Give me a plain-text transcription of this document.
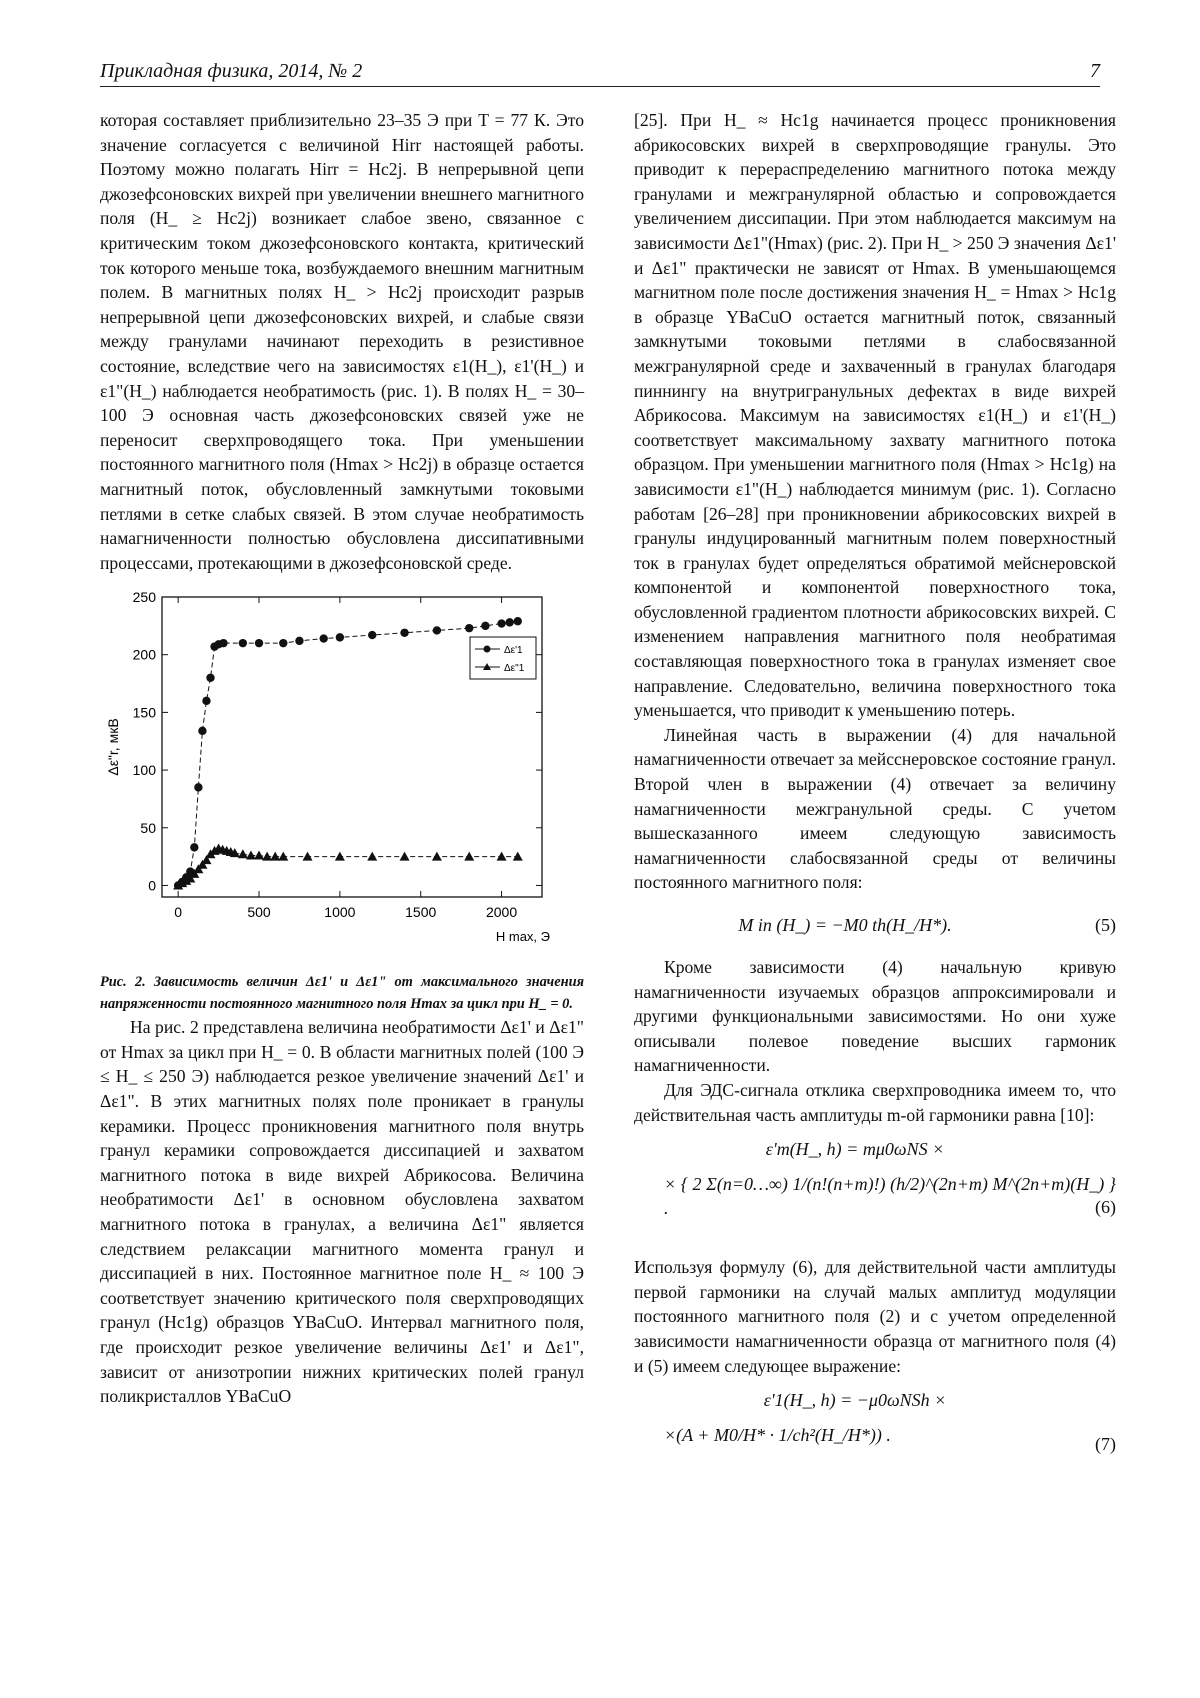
Прикладная физика, 2014, № 2	7

которая составляет приблизительно 23–35 Э при T = 77 К. Это значение согласуется с величиной Hirr настоящей работы. Поэтому можно полагать Hirr = Hc2j. В непрерывной цепи джозефсоновских вихрей при увеличении внешнего магнитного поля (H_ ≥ Hc2j) возникает слабое звено, связанное с критическим током джозефсоновского контакта, критический ток которого меньше тока, возбуждаемого внешним магнитным полем. В магнитных полях H_ > Hc2j происходит разрыв непрерывной цепи джозефсоновских вихрей, и слабые связи между гранулами начинают переходить в резистивное состояние, вследствие чего на зависимостях ε1(H_), ε1'(H_) и ε1"(H_) наблюдается необратимость (рис. 1). В полях H_ = 30–100 Э основная часть джозефсоновских связей уже не переносит сверхпроводящего тока. При уменьшении постоянного магнитного поля (Hmax > Hc2j) в образце остается магнитный поток, обусловленный замкнутыми токовыми петлями в сетке слабых связей. В этом случае необратимость намагниченности полностью обусловлена диссипативными процессами, протекающими в джозефсоновской среде.

0	500	1000	1500	2000
0
50
100
150
200
250
H max, Э
Δε"r, мкВ
Δε'1
Δε"1

Рис. 2. Зависимость величин Δε1' и Δε1" от максимального значения напряженности постоянного магнитного поля Hmax за цикл при H_ = 0.

На рис. 2 представлена величина необратимости Δε1' и Δε1" от Hmax за цикл при H_ = 0. В области магнитных полей (100 Э ≤ H_ ≤ 250 Э) наблюдается резкое увеличение значений Δε1' и Δε1". В этих магнитных полях поле проникает в гранулы керамики. Процесс проникновения магнитного поля внутрь гранул керамики сопровождается диссипацией и захватом магнитного потока в виде вихрей Абрикосова. Величина необратимости Δε1' в основном обусловлена захватом магнитного потока в гранулах, а величина Δε1" является следствием релаксации магнитного момента гранул и диссипацией в них. Постоянное магнитное поле H_ ≈ 100 Э соответствует значению критического поля сверхпроводящих гранул (Hc1g) образцов YBaCuO. Интервал магнитного поля, где происходит резкое увеличение величины Δε1' и Δε1", зависит от анизотропии нижних критических полей гранул поликристаллов YBaCuO

[25]. При H_ ≈ Hc1g начинается процесс проникновения абрикосовских вихрей в сверхпроводящие гранулы. Это приводит к перераспределению магнитного потока между гранулами и межгранулярной областью и сопровождается увеличением диссипации. При этом наблюдается максимум на зависимости Δε1"(Hmax) (рис. 2). При H_ > 250 Э значения Δε1' и Δε1" практически не зависят от Hmax. В уменьшающемся магнитном поле после достижения значения H_ = Hmax > Hc1g в образце YBaCuO остается магнитный поток, связанный замкнутыми токовыми петлями в слабосвязанной межгранулярной среде и захваченный в гранулах благодаря пиннингу на внутригранульных дефектах в виде вихрей Абрикосова. Максимум на зависимостях ε1(H_) и ε1'(H_) соответствует максимальному захвату магнитного потока образцом. При уменьшении магнитного поля (Hmax > Hc1g) на зависимости ε1"(H_) наблюдается минимум (рис. 1). Согласно работам [26–28] при проникновении абрикосовских вихрей в гранулы индуцированный магнитным полем поверхностный ток в гранулах будет определяться обратимой мейснеровской компонентой и компонентой поверхностного тока, обусловленной градиентом плотности абрикосовских вихрей. С изменением направления магнитного поля необратимая составляющая поверхностного тока в гранулах изменяет свое направление. Следовательно, величина поверхностного тока уменьшается, что приводит к уменьшению потерь.

Линейная часть в выражении (4) для начальной намагниченности отвечает за мейсснеровское состояние гранул. Второй член в выражении (4) отвечает за величину намагниченности межгранульной среды. С учетом вышесказанного имеем следующую зависимость намагниченности слабосвязанной среды от величины постоянного магнитного поля:

M in (H_) = −M0 th(H_/H*).	(5)

Кроме зависимости (4) начальную кривую намагниченности изучаемых образцов аппроксимировали и другими функциональными зависимостями. Но они хуже описывали полевое поведение высших гармоник намагниченности.

Для ЭДС-сигнала отклика сверхпроводника имеем то, что действительная часть амплитуды m-ой гармоники равна [10]:

ε'm(H_, h) = mμ0ωNS ×
× { 2 Σ(n=0…∞) 1/(n!(n+m)!) (h/2)^(2n+m) M^(2n+m)(H_) } .	(6)

Используя формулу (6), для действительной части амплитуды первой гармоники на случай малых амплитуд модуляции постоянного магнитного поля (2) и с учетом определенной зависимости намагниченности образца от магнитного поля (4) и (5) имеем следующее выражение:

ε'1(H_, h) = −μ0ωNSh ×
×(A + M0/H* · 1/ch²(H_/H*)) .	(7)
